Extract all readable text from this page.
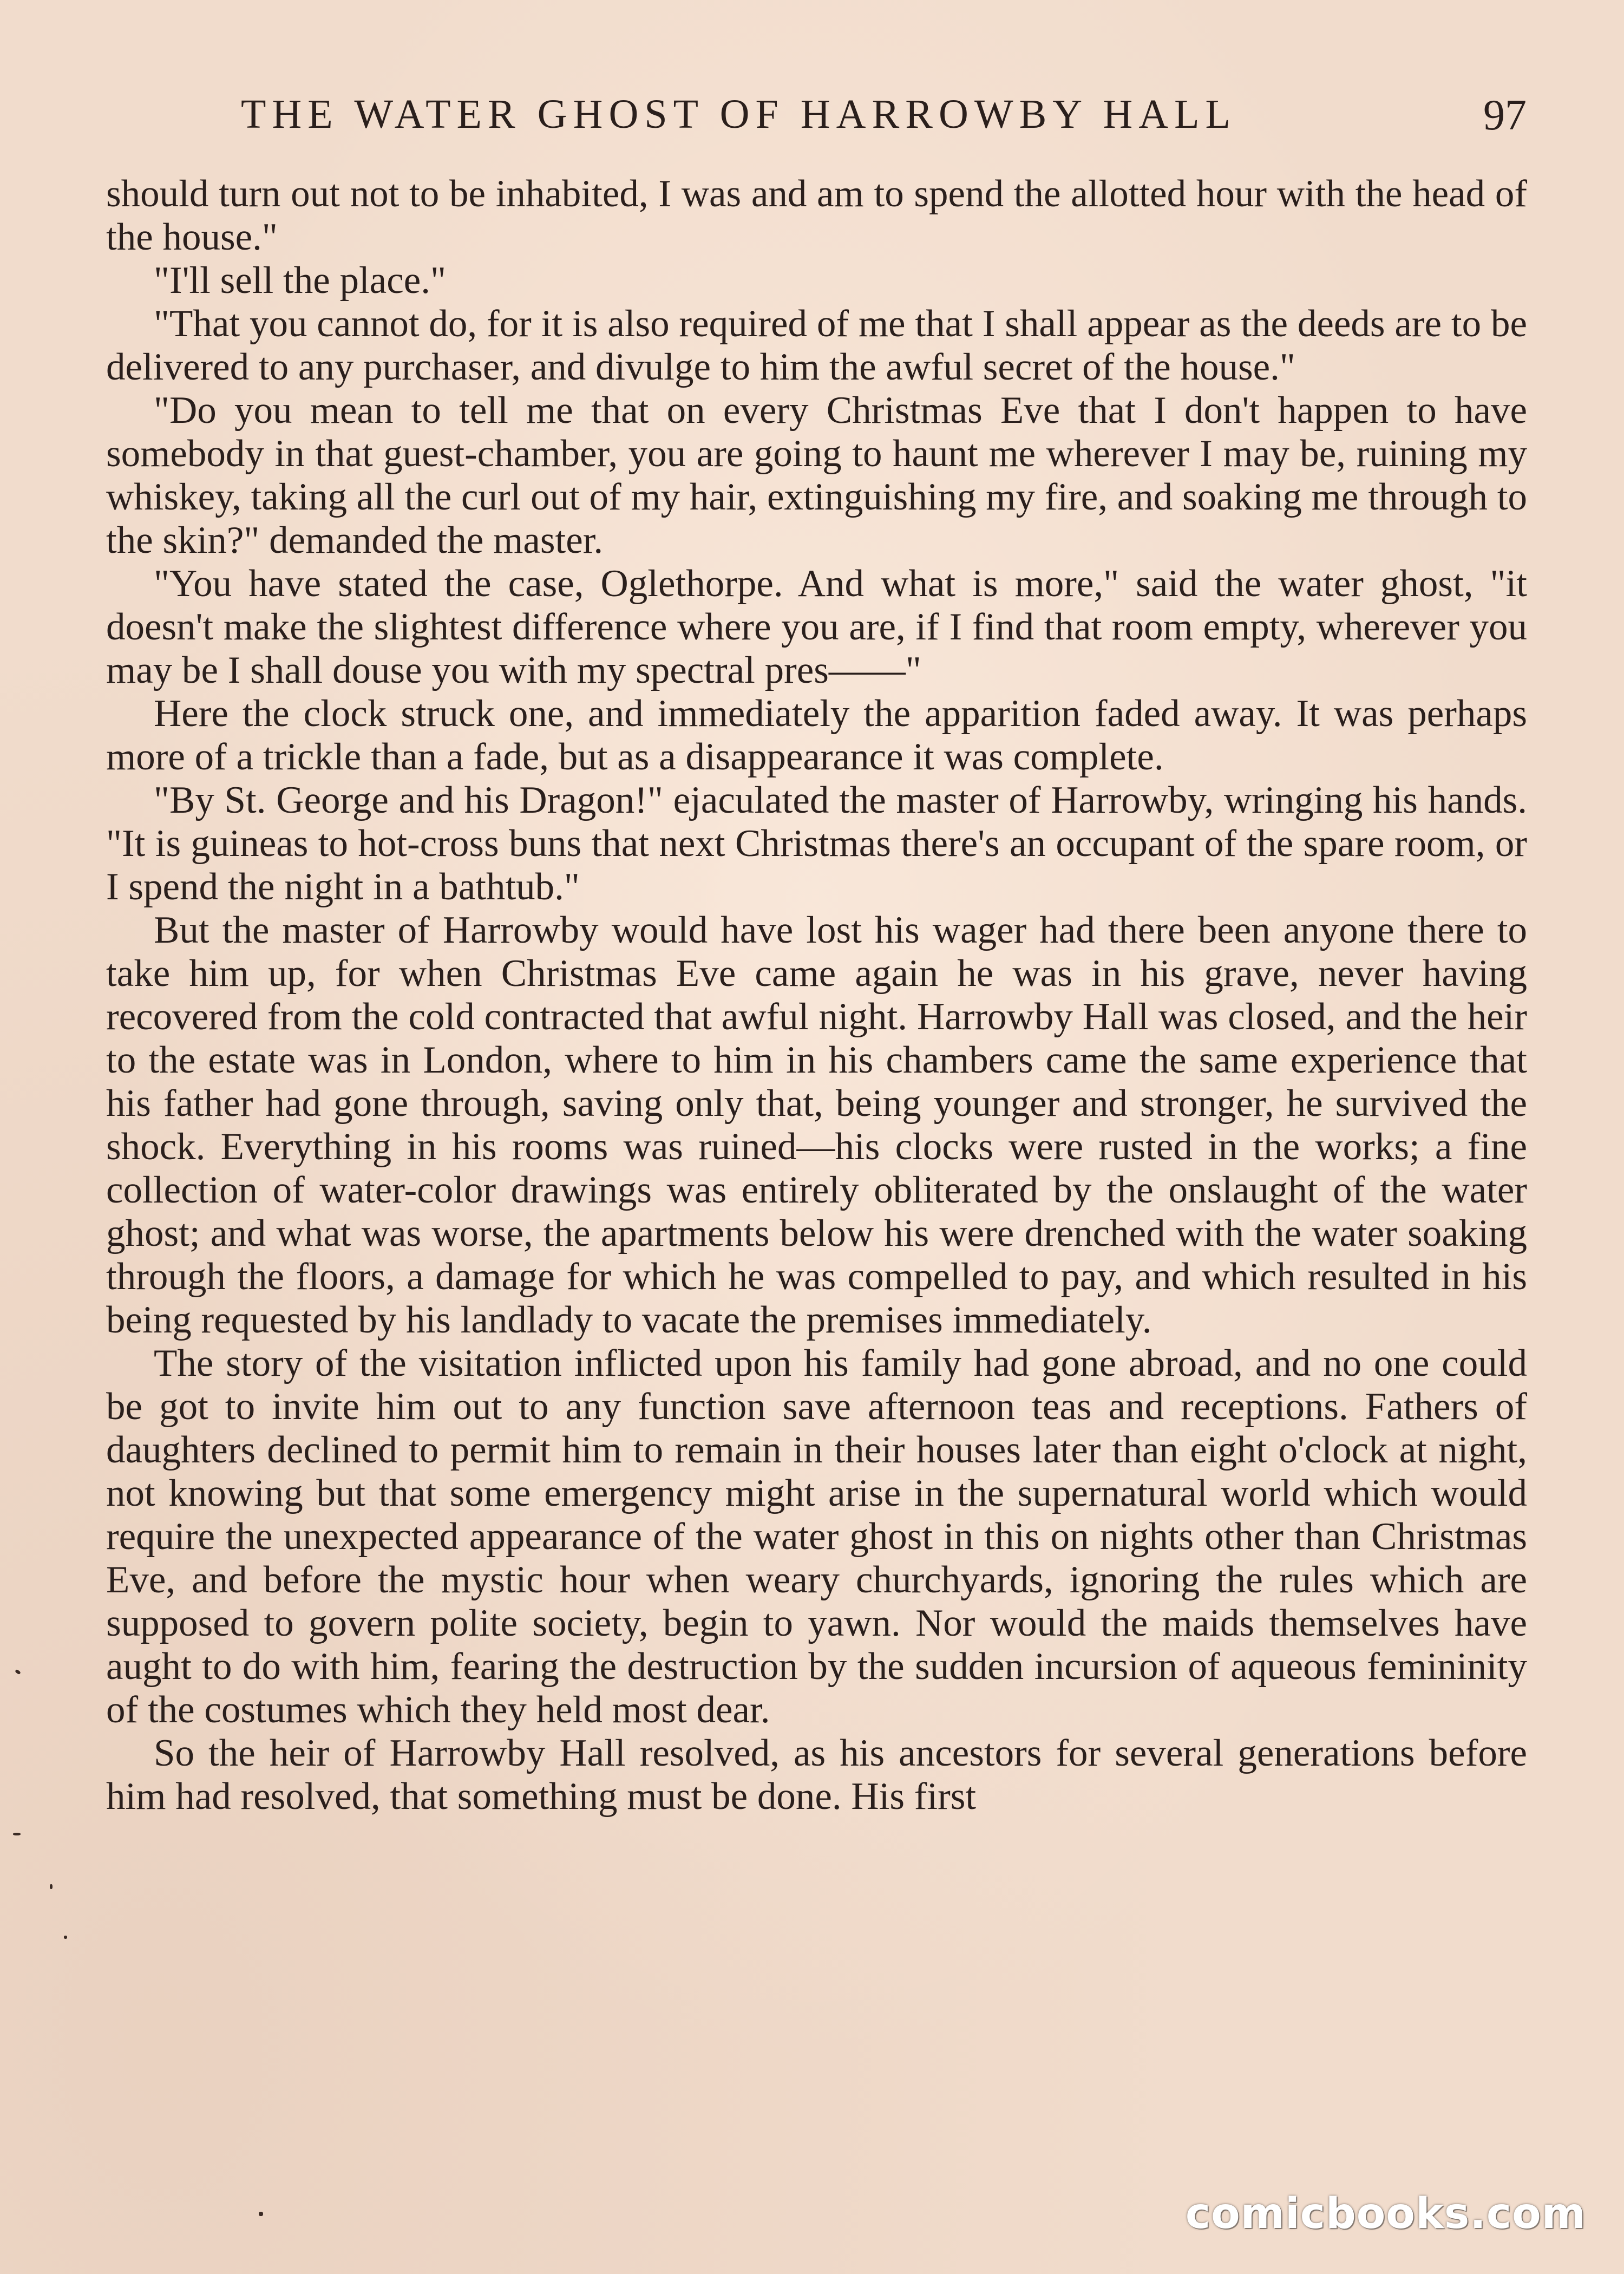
THE WATER GHOST OF HARROWBY HALL	97

should turn out not to be inhabited, I was and am to spend the allotted hour with the head of the house."

"I'll sell the place."

"That you cannot do, for it is also required of me that I shall appear as the deeds are to be delivered to any purchaser, and divulge to him the awful secret of the house."

"Do you mean to tell me that on every Christmas Eve that I don't happen to have somebody in that guest-chamber, you are going to haunt me wherever I may be, ruining my whiskey, taking all the curl out of my hair, extinguishing my fire, and soaking me through to the skin?" demanded the master.

"You have stated the case, Oglethorpe. And what is more," said the water ghost, "it doesn't make the slightest difference where you are, if I find that room empty, wherever you may be I shall douse you with my spectral pres——"

Here the clock struck one, and immediately the apparition faded away. It was perhaps more of a trickle than a fade, but as a disappearance it was complete.

"By St. George and his Dragon!" ejaculated the master of Harrowby, wringing his hands. "It is guineas to hot-cross buns that next Christmas there's an occupant of the spare room, or I spend the night in a bathtub."

But the master of Harrowby would have lost his wager had there been anyone there to take him up, for when Christmas Eve came again he was in his grave, never having recovered from the cold contracted that awful night. Harrowby Hall was closed, and the heir to the estate was in London, where to him in his chambers came the same experience that his father had gone through, saving only that, being younger and stronger, he survived the shock. Everything in his rooms was ruined—his clocks were rusted in the works; a fine collection of water-color drawings was entirely obliterated by the onslaught of the water ghost; and what was worse, the apartments below his were drenched with the water soaking through the floors, a damage for which he was compelled to pay, and which resulted in his being requested by his landlady to vacate the premises immediately.

The story of the visitation inflicted upon his family had gone abroad, and no one could be got to invite him out to any function save afternoon teas and receptions. Fathers of daughters declined to permit him to remain in their houses later than eight o'clock at night, not knowing but that some emergency might arise in the supernatural world which would require the unexpected appearance of the water ghost in this on nights other than Christmas Eve, and before the mystic hour when weary churchyards, ignoring the rules which are supposed to govern polite society, begin to yawn. Nor would the maids themselves have aught to do with him, fearing the destruction by the sudden incursion of aqueous femininity of the costumes which they held most dear.

So the heir of Harrowby Hall resolved, as his ancestors for several generations before him had resolved, that something must be done. His first

comicbooks.com
